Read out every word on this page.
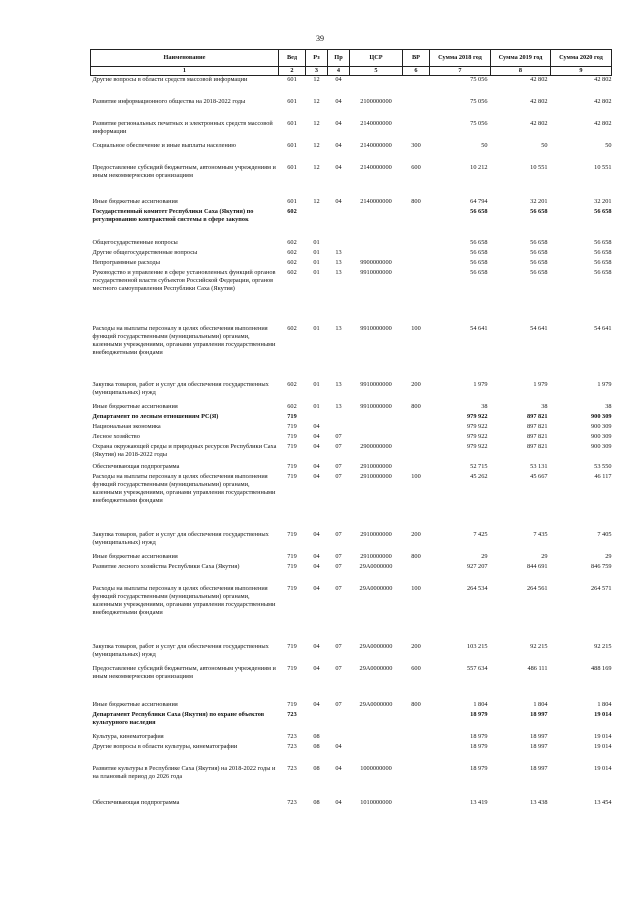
39
Наименование	Вед	Рз	Пр	ЦСР	ВР	Сумма 2018 год	Сумма 2019 год	Сумма 2020 год
1	2	3	4	5	6	7	8	9
Другие вопросы в области средств массовой информации	601	12	04			75 056	42 802	42 802
Развитие информационного общества на 2018-2022 годы	601	12	04	2100000000		75 056	42 802	42 802
Развитие региональных печатных и электронных средств массовой информации	601	12	04	2140000000		75 056	42 802	42 802
Социальное обеспечение и иные выплаты населению	601	12	04	2140000000	300	50	50	50
Предоставление субсидий бюджетным, автономным учреждениям и иным некоммерческим организациям	601	12	04	2140000000	600	10 212	10 551	10 551
Иные бюджетные ассигнования	601	12	04	2140000000	800	64 794	32 201	32 201
Государственный комитет Республики Саха (Якутия) по регулированию контрактной системы в сфере закупок	602					56 658	56 658	56 658
Общегосударственные вопросы	602	01				56 658	56 658	56 658
Другие общегосударственные вопросы	602	01	13			56 658	56 658	56 658
Непрограммные расходы	602	01	13	9900000000		56 658	56 658	56 658
Руководство и управление в сфере установленных функций органов государственной власти субъектов Российской Федерации, органов местного самоуправления Республики Саха (Якутия)	602	01	13	9910000000		56 658	56 658	56 658
Расходы на выплаты персоналу в целях обеспечения выполнения функций государственными (муниципальными) органами, казенными учреждениями, органами управления государственными внебюджетными фондами	602	01	13	9910000000	100	54 641	54 641	54 641
Закупка товаров, работ и услуг для обеспечения государственных (муниципальных) нужд	602	01	13	9910000000	200	1 979	1 979	1 979
Иные бюджетные ассигнования	602	01	13	9910000000	800	38	38	38
Департамент по лесным отношениям РС(Я)	719					979 922	897 821	900 309
Национальная экономика	719	04				979 922	897 821	900 309
Лесное хозяйство	719	04	07			979 922	897 821	900 309
Охрана окружающей среды и природных ресурсов Республики Саха (Якутия) на 2018-2022 годы	719	04	07	2900000000		979 922	897 821	900 309
Обеспечивающая подпрограмма	719	04	07	2910000000		52 715	53 131	53 550
Расходы на выплаты персоналу в целях обеспечения выполнения функций государственными (муниципальными) органами, казенными учреждениями, органами управления государственными внебюджетными фондами	719	04	07	2910000000	100	45 262	45 667	46 117
Закупка товаров, работ и услуг для обеспечения государственных (муниципальных) нужд	719	04	07	2910000000	200	7 425	7 435	7 405
Иные бюджетные ассигнования	719	04	07	2910000000	800	29	29	29
Развитие лесного хозяйства Республики Саха (Якутия)	719	04	07	29А0000000		927 207	844 691	846 759
Расходы на выплаты персоналу в целях обеспечения выполнения функций государственными (муниципальными) органами, казенными учреждениями, органами управления государственными внебюджетными фондами	719	04	07	29А0000000	100	264 534	264 561	264 571
Закупка товаров, работ и услуг для обеспечения государственных (муниципальных) нужд	719	04	07	29А0000000	200	103 215	92 215	92 215
Предоставление субсидий бюджетным, автономным учреждениям и иным некоммерческим организациям	719	04	07	29А0000000	600	557 634	486 111	488 169
Иные бюджетные ассигнования	719	04	07	29А0000000	800	1 804	1 804	1 804
Департамент Республики Саха (Якутия) по охране объектов культурного наследия	723					18 979	18 997	19 014
Культура, кинематография	723	08				18 979	18 997	19 014
Другие вопросы в области культуры, кинематографии	723	08	04			18 979	18 997	19 014
Развитие культуры в Республике Саха (Якутия) на 2018-2022 годы и на плановый период до 2026 года	723	08	04	1000000000		18 979	18 997	19 014
Обеспечивающая подпрограмма	723	08	04	1010000000		13 419	13 438	13 454
